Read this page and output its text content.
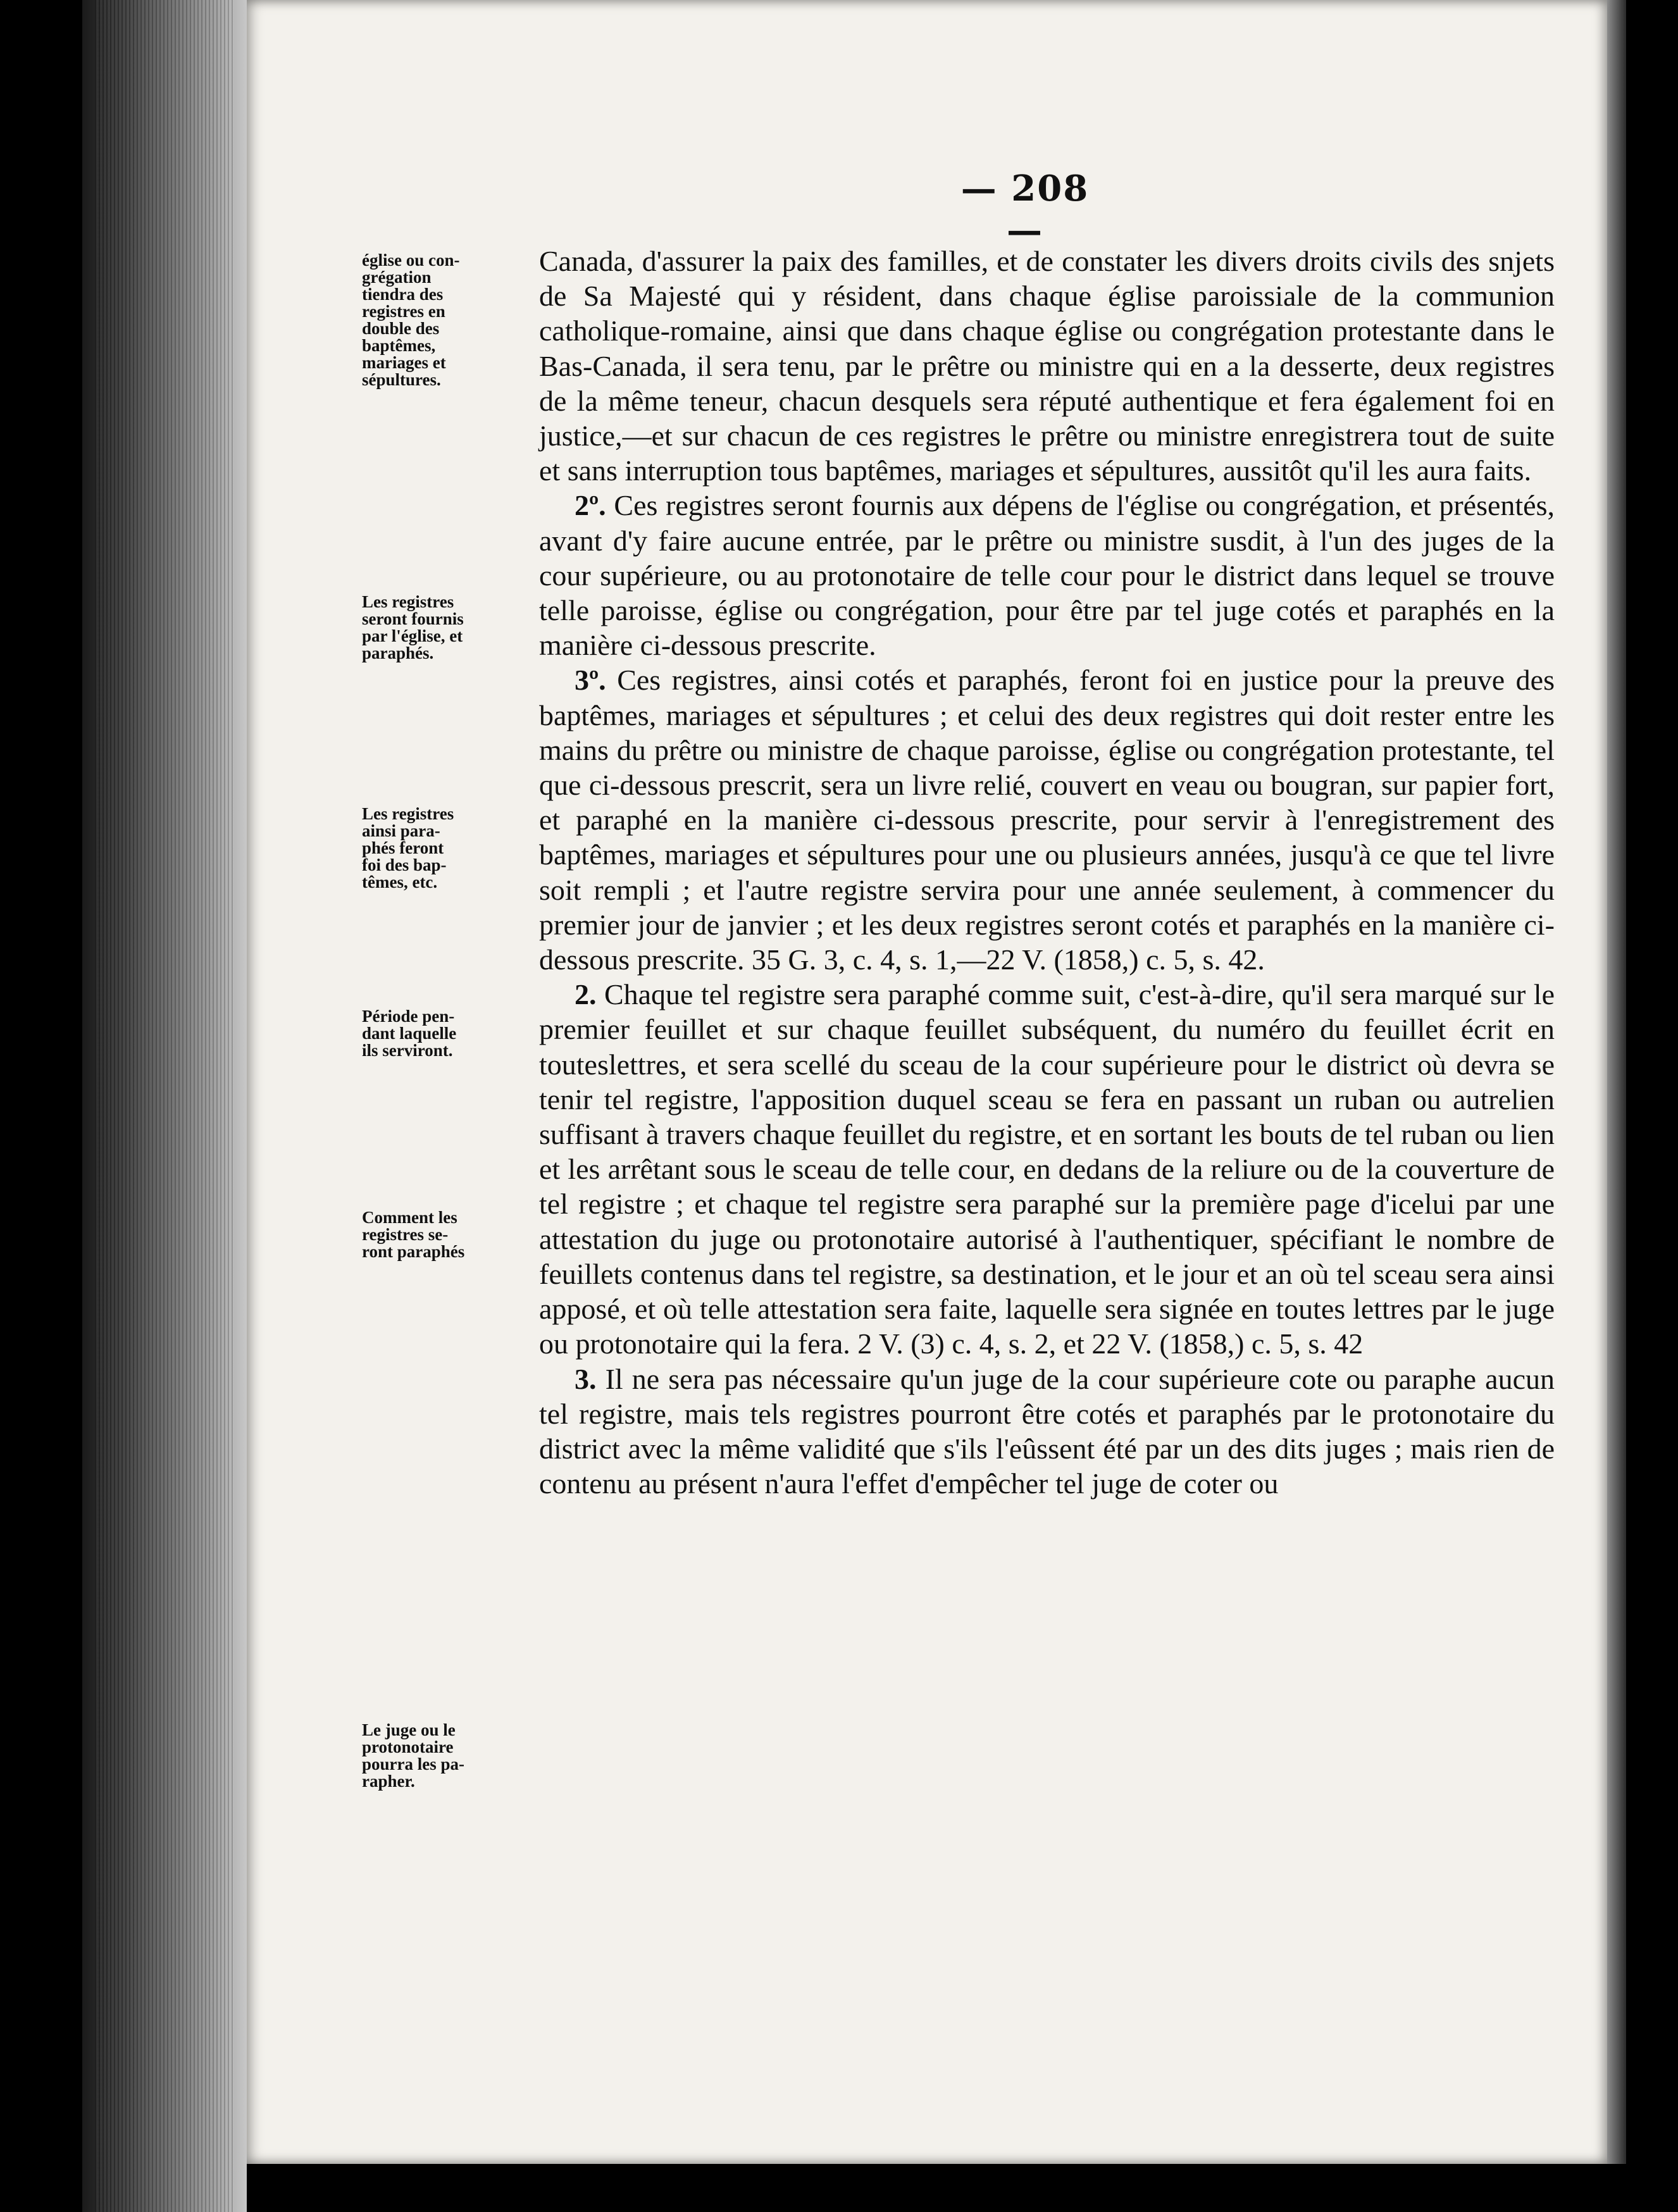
— 208 —
église ou con-
grégation
tiendra des
registres en
double des
baptêmes,
mariages et
sépultures.
Les registres
seront fournis
par l'église, et
paraphés.
Les registres
ainsi para-
phés feront
foi des bap-
têmes, etc.
Période pen-
dant laquelle
ils serviront.
Comment les
registres se-
ront paraphés
Le juge ou le
protonotaire
pourra les pa-
rapher.

Canada, d'assurer la paix des familles, et de constater les divers droits civils des snjets de Sa Majesté qui y résident, dans chaque église paroissiale de la communion catholique-romaine, ainsi que dans chaque église ou congrégation protestante dans le Bas-Canada, il sera tenu, par le prêtre ou ministre qui en a la desserte, deux registres de la même teneur, chacun desquels sera réputé authentique et fera également foi en justice,—et sur chacun de ces registres le prêtre ou ministre enregistrera tout de suite et sans interruption tous baptêmes, mariages et sépultures, aussitôt qu'il les aura faits.

2º. Ces registres seront fournis aux dépens de l'église ou congrégation, et présentés, avant d'y faire aucune entrée, par le prêtre ou ministre susdit, à l'un des juges de la cour supérieure, ou au protonotaire de telle cour pour le district dans lequel se trouve telle paroisse, église ou congrégation, pour être par tel juge cotés et paraphés en la manière ci-dessous prescrite.

3º. Ces registres, ainsi cotés et paraphés, feront foi en justice pour la preuve des baptêmes, mariages et sépultures ; et celui des deux registres qui doit rester entre les mains du prêtre ou ministre de chaque paroisse, église ou congrégation protestante, tel que ci-dessous prescrit, sera un livre relié, couvert en veau ou bougran, sur papier fort, et paraphé en la manière ci-dessous prescrite, pour servir à l'enregistrement des baptêmes, mariages et sépultures pour une ou plusieurs années, jusqu'à ce que tel livre soit rempli ; et l'autre registre servira pour une année seulement, à commencer du premier jour de janvier ; et les deux registres seront cotés et paraphés en la manière ci-dessous prescrite. 35 G. 3, c. 4, s. 1,—22 V. (1858,) c. 5, s. 42.

2. Chaque tel registre sera paraphé comme suit, c'est-à-dire, qu'il sera marqué sur le premier feuillet et sur chaque feuillet subséquent, du numéro du feuillet écrit en touteslettres, et sera scellé du sceau de la cour supérieure pour le district où devra se tenir tel registre, l'apposition duquel sceau se fera en passant un ruban ou autrelien suffisant à travers chaque feuillet du registre, et en sortant les bouts de tel ruban ou lien et les arrêtant sous le sceau de telle cour, en dedans de la reliure ou de la couverture de tel registre ; et chaque tel registre sera paraphé sur la première page d'icelui par une attestation du juge ou protonotaire autorisé à l'authentiquer, spécifiant le nombre de feuillets contenus dans tel registre, sa destination, et le jour et an où tel sceau sera ainsi apposé, et où telle attestation sera faite, laquelle sera signée en toutes lettres par le juge ou protonotaire qui la fera. 2 V. (3) c. 4, s. 2, et 22 V. (1858,) c. 5, s. 42

3. Il ne sera pas nécessaire qu'un juge de la cour supérieure cote ou paraphe aucun tel registre, mais tels registres pourront être cotés et paraphés par le protonotaire du district avec la même validité que s'ils l'eûssent été par un des dits juges ; mais rien de contenu au présent n'aura l'effet d'empêcher tel juge de coter ou
